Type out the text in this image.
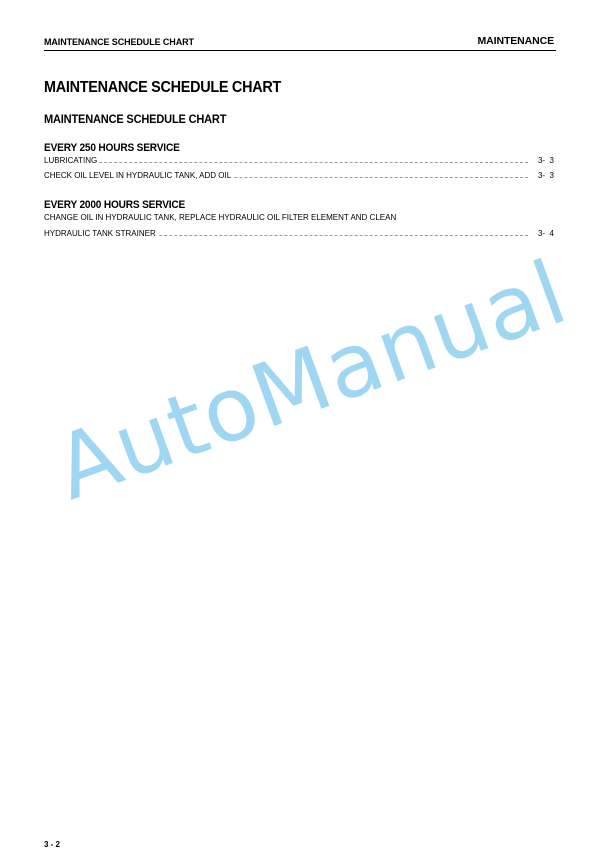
MAINTENANCE SCHEDULE CHART	MAINTENANCE
MAINTENANCE SCHEDULE CHART
MAINTENANCE SCHEDULE CHART
EVERY 250 HOURS SERVICE
LUBRICATING	3-  3
CHECK OIL LEVEL IN HYDRAULIC TANK, ADD OIL	3-  3
EVERY 2000 HOURS SERVICE
CHANGE OIL IN HYDRAULIC TANK, REPLACE HYDRAULIC OIL FILTER ELEMENT AND CLEAN
HYDRAULIC TANK STRAINER	3-  4
AutoManual
3 - 2
